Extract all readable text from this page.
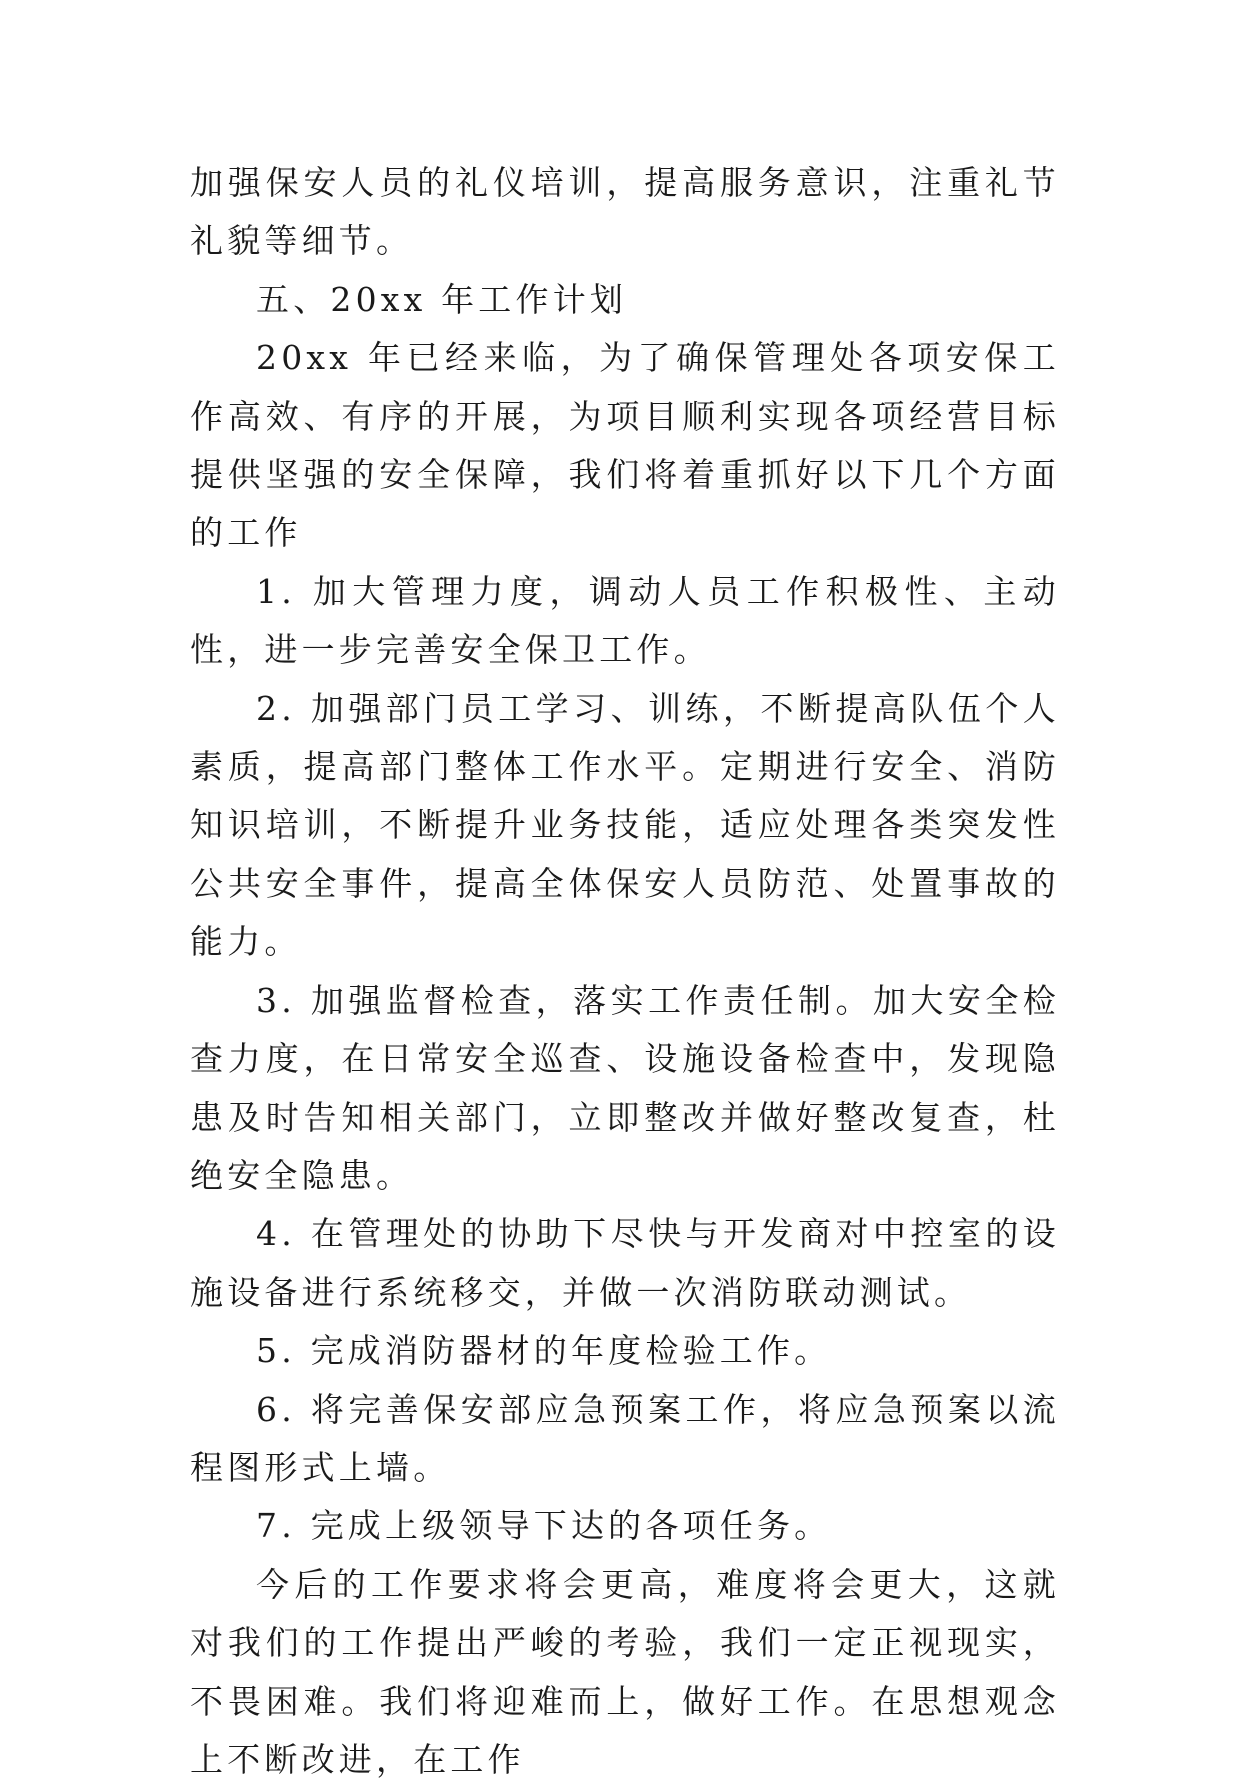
加强保安人员的礼仪培训，提高服务意识，注重礼节礼貌等细节。

五、20xx 年工作计划

20xx 年已经来临，为了确保管理处各项安保工作高效、有序的开展，为项目顺利实现各项经营目标提供坚强的安全保障，我们将着重抓好以下几个方面的工作

1. 加大管理力度，调动人员工作积极性、主动性，进一步完善安全保卫工作。

2. 加强部门员工学习、训练，不断提高队伍个人素质，提高部门整体工作水平。定期进行安全、消防知识培训，不断提升业务技能，适应处理各类突发性公共安全事件，提高全体保安人员防范、处置事故的能力。

3. 加强监督检查，落实工作责任制。加大安全检查力度，在日常安全巡查、设施设备检查中，发现隐患及时告知相关部门，立即整改并做好整改复查，杜绝安全隐患。

4. 在管理处的协助下尽快与开发商对中控室的设施设备进行系统移交，并做一次消防联动测试。

5. 完成消防器材的年度检验工作。

6. 将完善保安部应急预案工作，将应急预案以流程图形式上墙。

7. 完成上级领导下达的各项任务。

今后的工作要求将会更高，难度将会更大，这就对我们的工作提出严峻的考验，我们一定正视现实，不畏困难。我们将迎难而上，做好工作。在思想观念上不断改进，在工作
